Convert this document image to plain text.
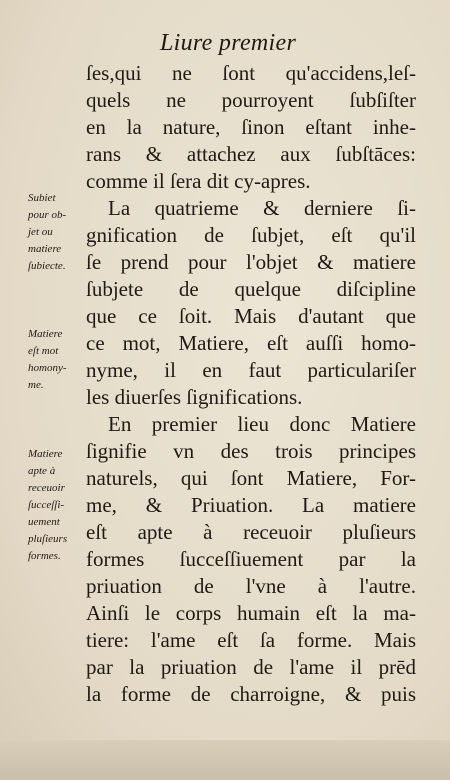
Liure premier
ſes,qui ne ſont qu'accidens,leſ-
quels ne pourroyent ſubſiſter
en la nature, ſinon eſtant inhe-
rans & attachez aux ſubſtāces:
comme il ſera dit cy-apres.
La quatrieme & derniere ſi-
gnification de ſubjet, eſt qu'il
ſe prend pour l'objet & matiere
ſubjete de quelque diſcipline
que ce ſoit. Mais d'autant que
ce mot, Matiere, eſt auſſi homo-
nyme, il en faut particulariſer
les diuerſes ſignifications.
En premier lieu donc Matiere
ſignifie vn des trois principes
naturels, qui ſont Matiere, For-
me, & Priuation. La matiere
eſt apte à receuoir pluſieurs
formes ſucceſſiuement par la
priuation de l'vne à l'autre.
Ainſi le corps humain eſt la ma-
tiere: l'ame eſt ſa forme. Mais
par la priuation de l'ame il prēd
la forme de charroigne, & puis
Subiet
pour ob-
jet ou
matiere
ſubiecte.
Matiere
eſt mot
homony-
me.
Matiere
apte à
receuoir
ſucceſſi-
uement
pluſieurs
formes.
